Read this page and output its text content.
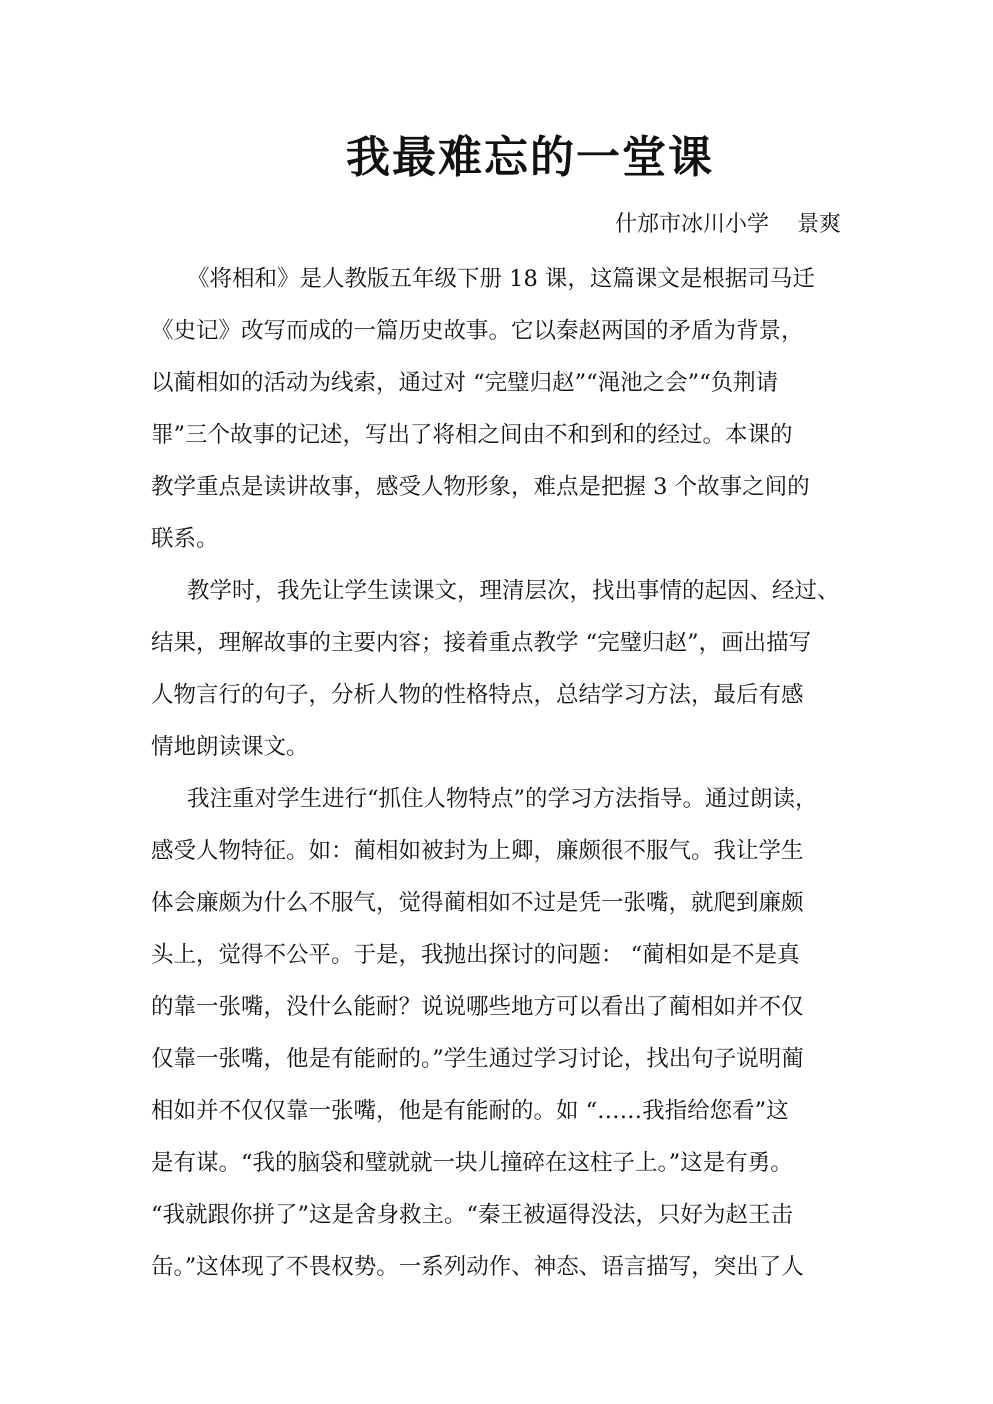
我最难忘的一堂课
什邡市冰川小学    景爽
《将相和》是人教版五年级下册 18 课，这篇课文是根据司马迁
《史记》改写而成的一篇历史故事。它以秦赵两国的矛盾为背景，
以蔺相如的活动为线索，通过对 “完璧归赵”“渑池之会”“负荆请
罪”三个故事的记述，写出了将相之间由不和到和的经过。本课的
教学重点是读讲故事，感受人物形象，难点是把握 3 个故事之间的
联系。
教学时，我先让学生读课文，理清层次，找出事情的起因、经过、
结果，理解故事的主要内容；接着重点教学 “完璧归赵”，画出描写
人物言行的句子，分析人物的性格特点，总结学习方法，最后有感
情地朗读课文。
我注重对学生进行“抓住人物特点”的学习方法指导。通过朗读，
感受人物特征。如：蔺相如被封为上卿，廉颇很不服气。我让学生
体会廉颇为什么不服气，觉得蔺相如不过是凭一张嘴，就爬到廉颇
头上，觉得不公平。于是，我抛出探讨的问题： “蔺相如是不是真
的靠一张嘴，没什么能耐？说说哪些地方可以看出了蔺相如并不仅
仅靠一张嘴，他是有能耐的。”学生通过学习讨论，找出句子说明蔺
相如并不仅仅靠一张嘴，他是有能耐的。如 “……我指给您看”这
是有谋。“我的脑袋和璧就就一块儿撞碎在这柱子上。”这是有勇。
“我就跟你拼了”这是舍身救主。“秦王被逼得没法，只好为赵王击
缶。”这体现了不畏权势。一系列动作、神态、语言描写，突出了人
